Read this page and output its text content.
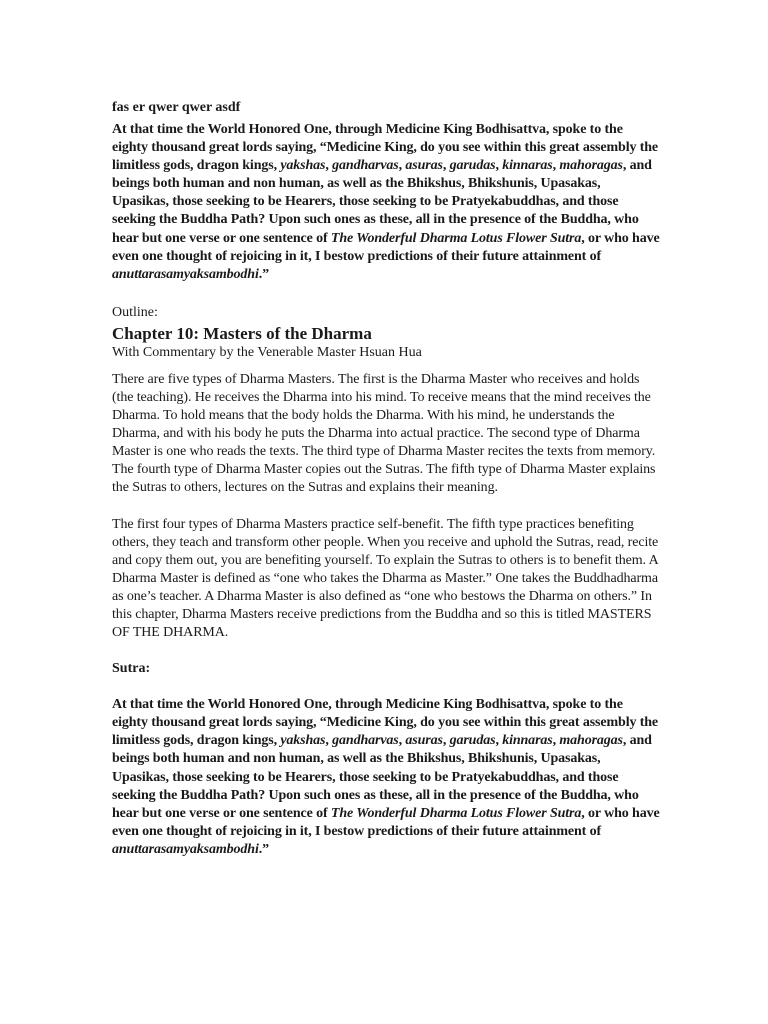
fas er qwer qwer asdf

At that time the World Honored One, through Medicine King Bodhisattva, spoke to the eighty thousand great lords saying, “Medicine King, do you see within this great assembly the limitless gods, dragon kings, yakshas, gandharvas, asuras, garudas, kinnaras, mahoragas, and beings both human and non human, as well as the Bhikshus, Bhikshunis, Upasakas, Upasikas, those seeking to be Hearers, those seeking to be Pratyekabuddhas, and those seeking the Buddha Path? Upon such ones as these, all in the presence of the Buddha, who hear but one verse or one sentence of The Wonderful Dharma Lotus Flower Sutra, or who have even one thought of rejoicing in it, I bestow predictions of their future attainment of anuttarasamyaksambodhi.”

Outline:

Chapter 10: Masters of the Dharma

With Commentary by the Venerable Master Hsuan Hua

There are five types of Dharma Masters. The first is the Dharma Master who receives and holds (the teaching). He receives the Dharma into his mind. To receive means that the mind receives the Dharma. To hold means that the body holds the Dharma. With his mind, he understands the Dharma, and with his body he puts the Dharma into actual practice. The second type of Dharma Master is one who reads the texts. The third type of Dharma Master recites the texts from memory. The fourth type of Dharma Master copies out the Sutras. The fifth type of Dharma Master explains the Sutras to others, lectures on the Sutras and explains their meaning.

The first four types of Dharma Masters practice self-benefit. The fifth type practices benefiting others, they teach and transform other people. When you receive and uphold the Sutras, read, recite and copy them out, you are benefiting yourself. To explain the Sutras to others is to benefit them. A Dharma Master is defined as “one who takes the Dharma as Master.” One takes the Buddhadharma as one’s teacher. A Dharma Master is also defined as “one who bestows the Dharma on others.” In this chapter, Dharma Masters receive predictions from the Buddha and so this is titled MASTERS OF THE DHARMA.

Sutra:

At that time the World Honored One, through Medicine King Bodhisattva, spoke to the eighty thousand great lords saying, “Medicine King, do you see within this great assembly the limitless gods, dragon kings, yakshas, gandharvas, asuras, garudas, kinnaras, mahoragas, and beings both human and non human, as well as the Bhikshus, Bhikshunis, Upasakas, Upasikas, those seeking to be Hearers, those seeking to be Pratyekabuddhas, and those seeking the Buddha Path? Upon such ones as these, all in the presence of the Buddha, who hear but one verse or one sentence of The Wonderful Dharma Lotus Flower Sutra, or who have even one thought of rejoicing in it, I bestow predictions of their future attainment of anuttarasamyaksambodhi.”
